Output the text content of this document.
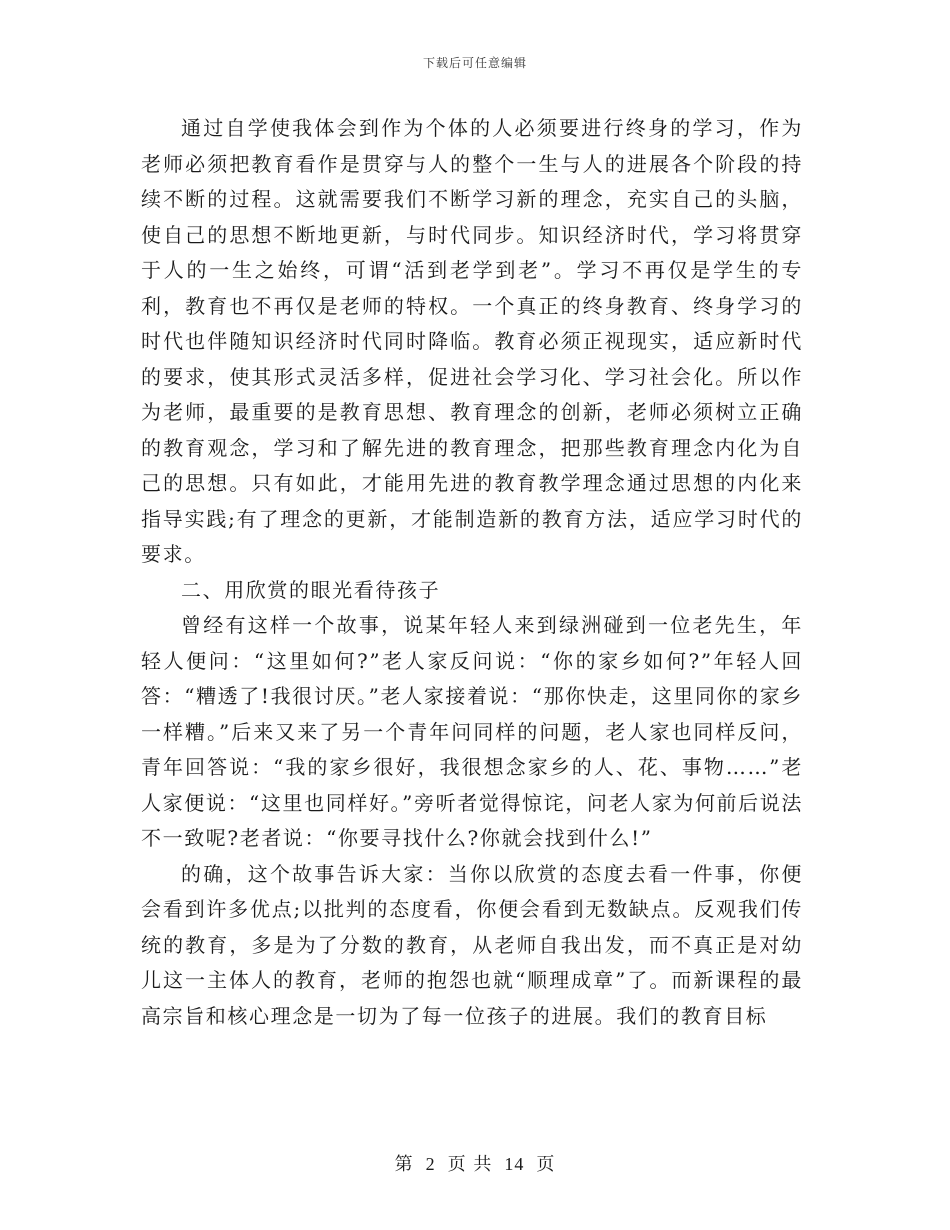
下载后可任意编辑

通过自学使我体会到作为个体的人必须要进行终身的学习，作为老师必须把教育看作是贯穿与人的整个一生与人的进展各个阶段的持续不断的过程。这就需要我们不断学习新的理念，充实自己的头脑，使自己的思想不断地更新，与时代同步。知识经济时代，学习将贯穿于人的一生之始终，可谓“活到老学到老”。学习不再仅是学生的专利，教育也不再仅是老师的特权。一个真正的终身教育、终身学习的时代也伴随知识经济时代同时降临。教育必须正视现实，适应新时代的要求，使其形式灵活多样，促进社会学习化、学习社会化。所以作为老师，最重要的是教育思想、教育理念的创新，老师必须树立正确的教育观念，学习和了解先进的教育理念，把那些教育理念内化为自己的思想。只有如此，才能用先进的教育教学理念通过思想的内化来指导实践;有了理念的更新，才能制造新的教育方法，适应学习时代的要求。

二、用欣赏的眼光看待孩子

曾经有这样一个故事，说某年轻人来到绿洲碰到一位老先生，年轻人便问：“这里如何?”老人家反问说：“你的家乡如何?”年轻人回答：“糟透了!我很讨厌。”老人家接着说：“那你快走，这里同你的家乡一样糟。”后来又来了另一个青年问同样的问题，老人家也同样反问，青年回答说：“我的家乡很好，我很想念家乡的人、花、事物……”老人家便说：“这里也同样好。”旁听者觉得惊诧，问老人家为何前后说法不一致呢?老者说：“你要寻找什么?你就会找到什么!”

的确，这个故事告诉大家：当你以欣赏的态度去看一件事，你便会看到许多优点;以批判的态度看，你便会看到无数缺点。反观我们传统的教育，多是为了分数的教育，从老师自我出发，而不真正是对幼儿这一主体人的教育，老师的抱怨也就“顺理成章”了。而新课程的最高宗旨和核心理念是一切为了每一位孩子的进展。我们的教育目标

第 2 页 共 14 页
